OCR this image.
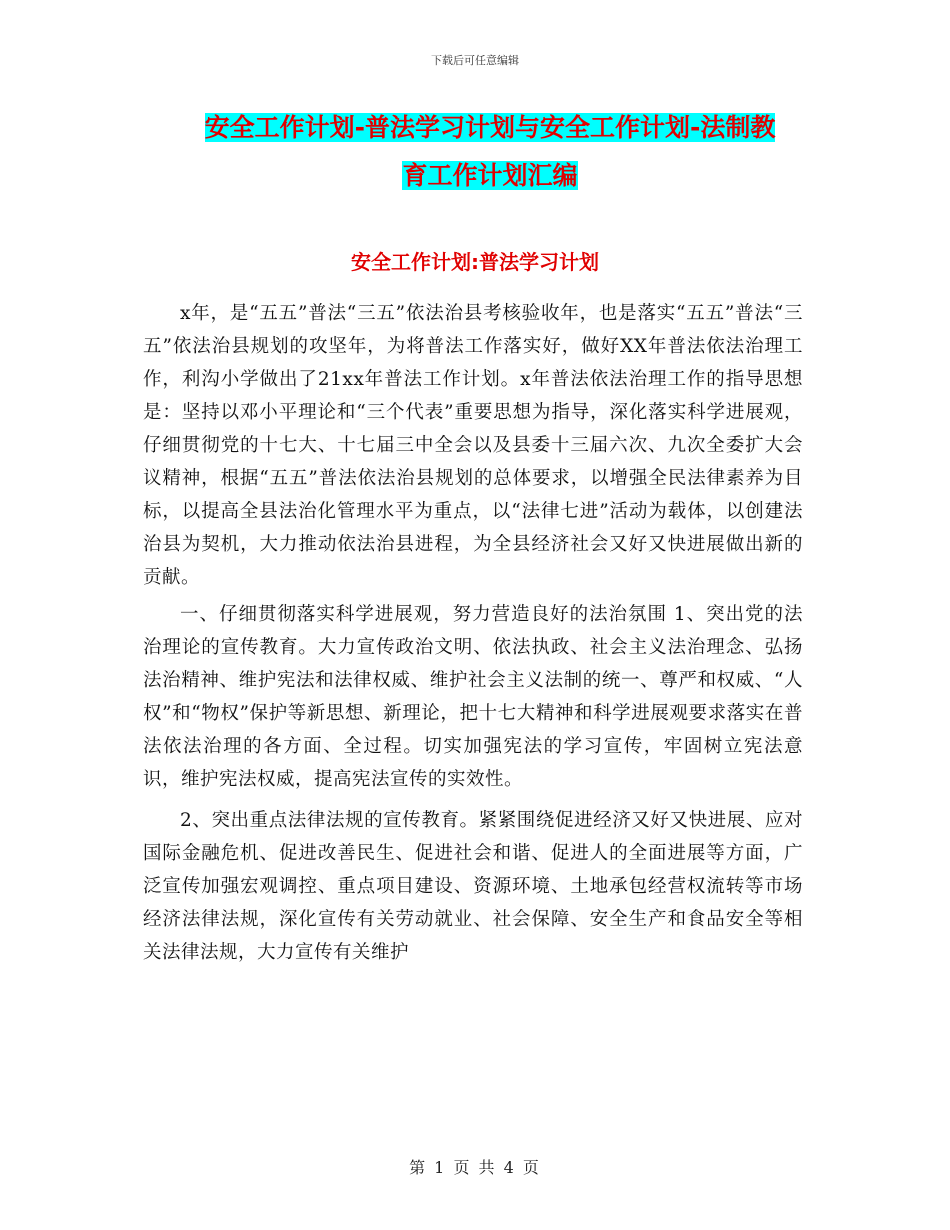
下载后可任意编辑
安全工作计划-普法学习计划与安全工作计划-法制教
育工作计划汇编
安全工作计划:普法学习计划

x年，是“五五”普法“三五”依法治县考核验收年，也是落实“五五”普法“三五”依法治县规划的攻坚年，为将普法工作落实好，做好XX年普法依法治理工作，利沟小学做出了21xx年普法工作计划。x年普法依法治理工作的指导思想是：坚持以邓小平理论和“三个代表”重要思想为指导，深化落实科学进展观，仔细贯彻党的十七大、十七届三中全会以及县委十三届六次、九次全委扩大会议精神，根据“五五”普法依法治县规划的总体要求，以增强全民法律素养为目标，以提高全县法治化管理水平为重点，以“法律七进”活动为载体，以创建法治县为契机，大力推动依法治县进程，为全县经济社会又好又快进展做出新的贡献。

一、仔细贯彻落实科学进展观，努力营造良好的法治氛围 1、突出党的法治理论的宣传教育。大力宣传政治文明、依法执政、社会主义法治理念、弘扬法治精神、维护宪法和法律权威、维护社会主义法制的统一、尊严和权威、“人权”和“物权”保护等新思想、新理论，把十七大精神和科学进展观要求落实在普法依法治理的各方面、全过程。切实加强宪法的学习宣传，牢固树立宪法意识，维护宪法权威，提高宪法宣传的实效性。

2、突出重点法律法规的宣传教育。紧紧围绕促进经济又好又快进展、应对国际金融危机、促进改善民生、促进社会和谐、促进人的全面进展等方面，广泛宣传加强宏观调控、重点项目建设、资源环境、土地承包经营权流转等市场经济法律法规，深化宣传有关劳动就业、社会保障、安全生产和食品安全等相关法律法规，大力宣传有关维护

第 1 页 共 4 页
